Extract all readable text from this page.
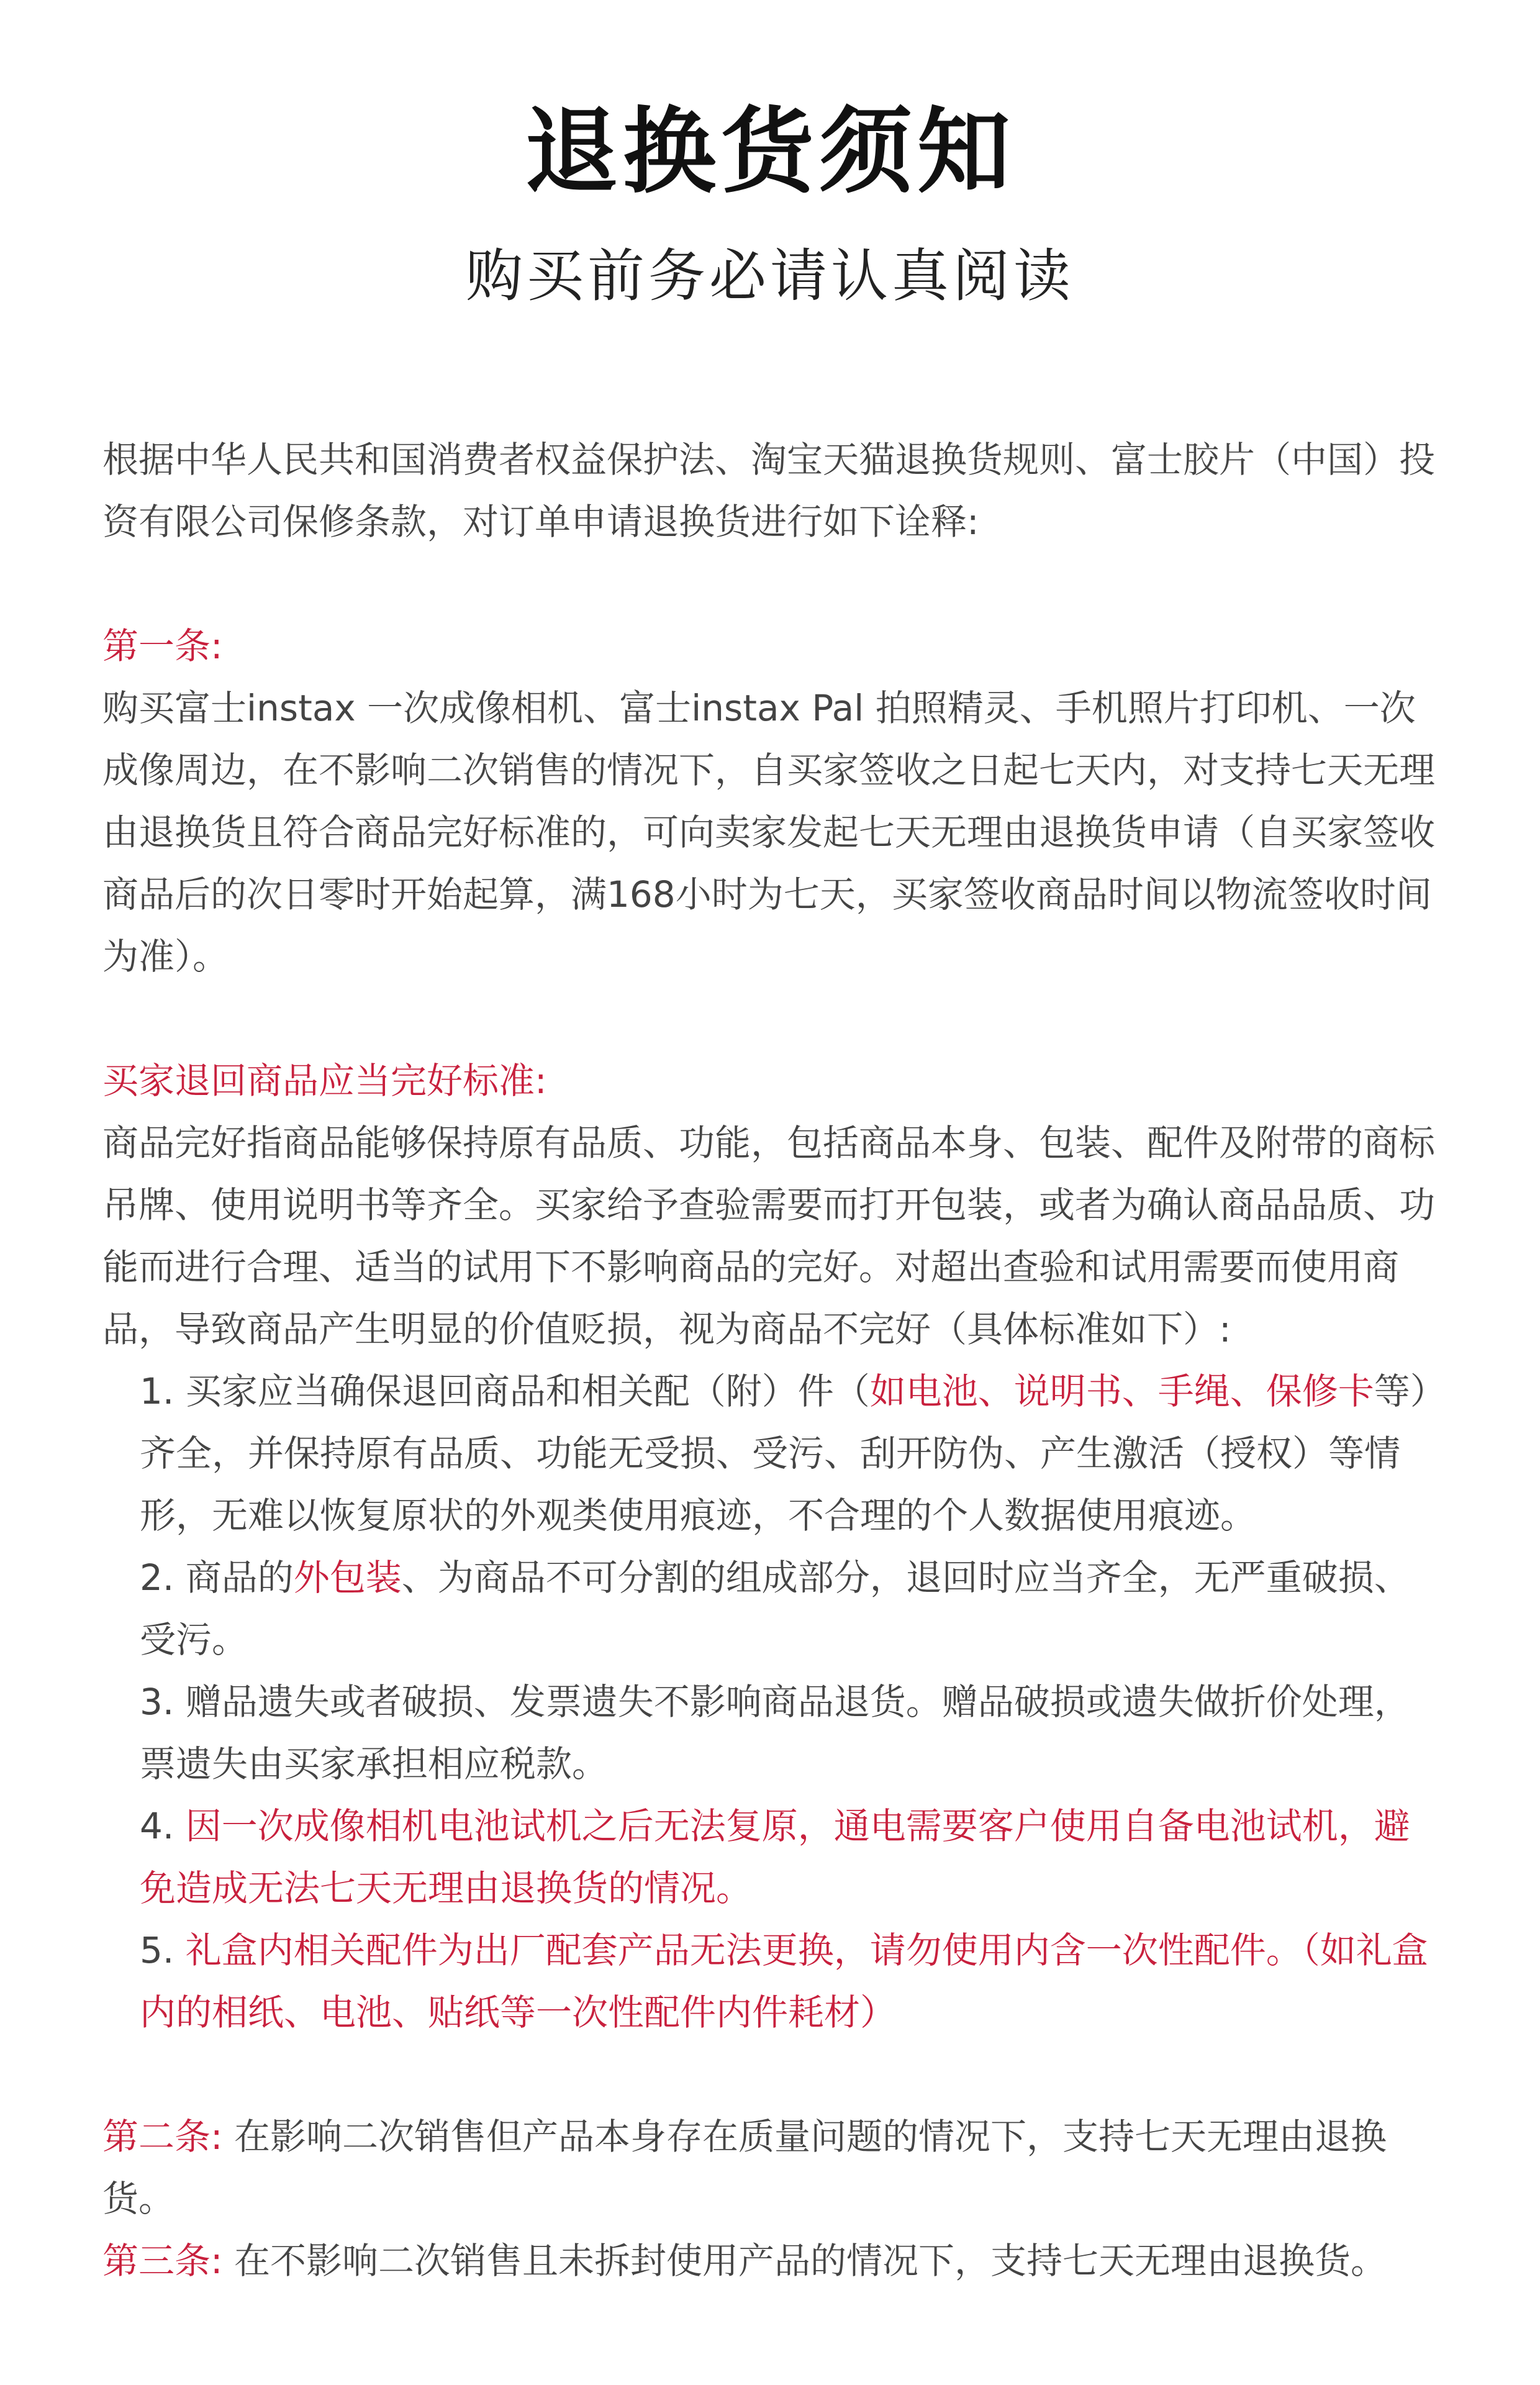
退换货须知
购买前务必请认真阅读

根据中华人民共和国消费者权益保护法、淘宝天猫退换货规则、富士胶片（中国）投资有限公司保修条款，对订单申请退换货进行如下诠释:

第一条:

购买富士instax 一次成像相机、富士instax Pal 拍照精灵、手机照片打印机、一次成像周边，在不影响二次销售的情况下，自买家签收之日起七天内，对支持七天无理由退换货且符合商品完好标准的，可向卖家发起七天无理由退换货申请（自买家签收商品后的次日零时开始起算，满168小时为七天，买家签收商品时间以物流签收时间为准）。

买家退回商品应当完好标准:

商品完好指商品能够保持原有品质、功能，包括商品本身、包装、配件及附带的商标吊牌、使用说明书等齐全。买家给予查验需要而打开包装，或者为确认商品品质、功能而进行合理、适当的试用下不影响商品的完好。对超出查验和试用需要而使用商品，导致商品产生明显的价值贬损，视为商品不完好（具体标准如下）:

1. 买家应当确保退回商品和相关配（附）件（如电池、说明书、手绳、保修卡等）齐全，并保持原有品质、功能无受损、受污、刮开防伪、产生激活（授权）等情形，无难以恢复原状的外观类使用痕迹，不合理的个人数据使用痕迹。

2. 商品的外包装、为商品不可分割的组成部分，退回时应当齐全，无严重破损、受污。

3. 赠品遗失或者破损、发票遗失不影响商品退货。赠品破损或遗失做折价处理，票遗失由买家承担相应税款。

4. 因一次成像相机电池试机之后无法复原，通电需要客户使用自备电池试机，避免造成无法七天无理由退换货的情况。

5. 礼盒内相关配件为出厂配套产品无法更换，请勿使用内含一次性配件。（如礼盒内的相纸、电池、贴纸等一次性配件内件耗材）

第二条: 在影响二次销售但产品本身存在质量问题的情况下，支持七天无理由退换货。

第三条: 在不影响二次销售且未拆封使用产品的情况下，支持七天无理由退换货。
